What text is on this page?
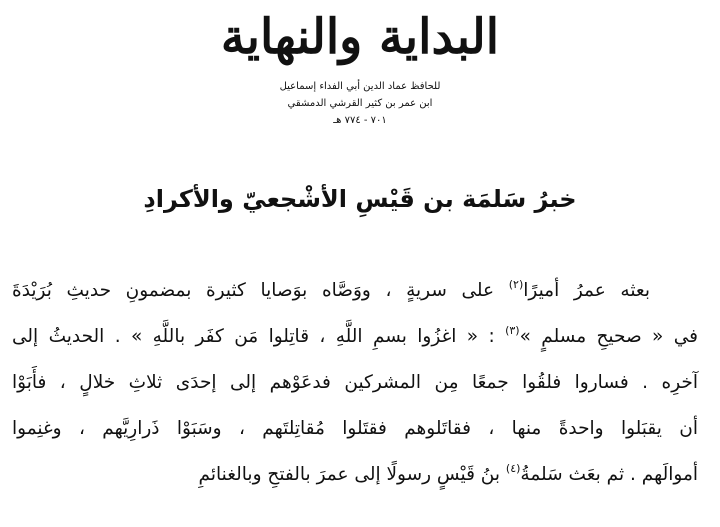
البداية والنهاية

للحافظ عماد الدين أبي الفداء إسماعيل

ابن عمر بن كثير القرشي الدمشقي

٧٠١ - ٧٧٤ هـ

خبرُ سَلمَة بن قَيْسِ الأشْجعيّ والأكرادِ

بعثه عمرُ أميرًا$^{(٢)}$ على سريةٍ ، ووَصَّاه بوَصايا كثيرة بمضمونِ حديثِ بُرَيْدَةَ

في « صحيحِ مسلمٍ »$^{(٣)}$ : « اغزُوا بسمِ اللَّهِ ، قاتِلوا مَن كفَر باللَّهِ » . الحديثُ إلى

آخرِه . فساروا فلقُوا جمعًا مِن المشركين فدعَوْهم إلى إحدَى ثلاثِ خلالٍ ، فأَبَوْا

أن يقبَلوا واحدةً منها ، فقاتَلوهم فقتَلوا مُقاتِلتَهم ، وسَبَوْا ذَرارِيَّهم ، وغنِموا

أموالَهم . ثم بعَث سَلمةُ$^{(٤)}$ بنُ قَيْسٍ رسولًا إلى عمرَ بالفتحِ وبالغنائمِ
